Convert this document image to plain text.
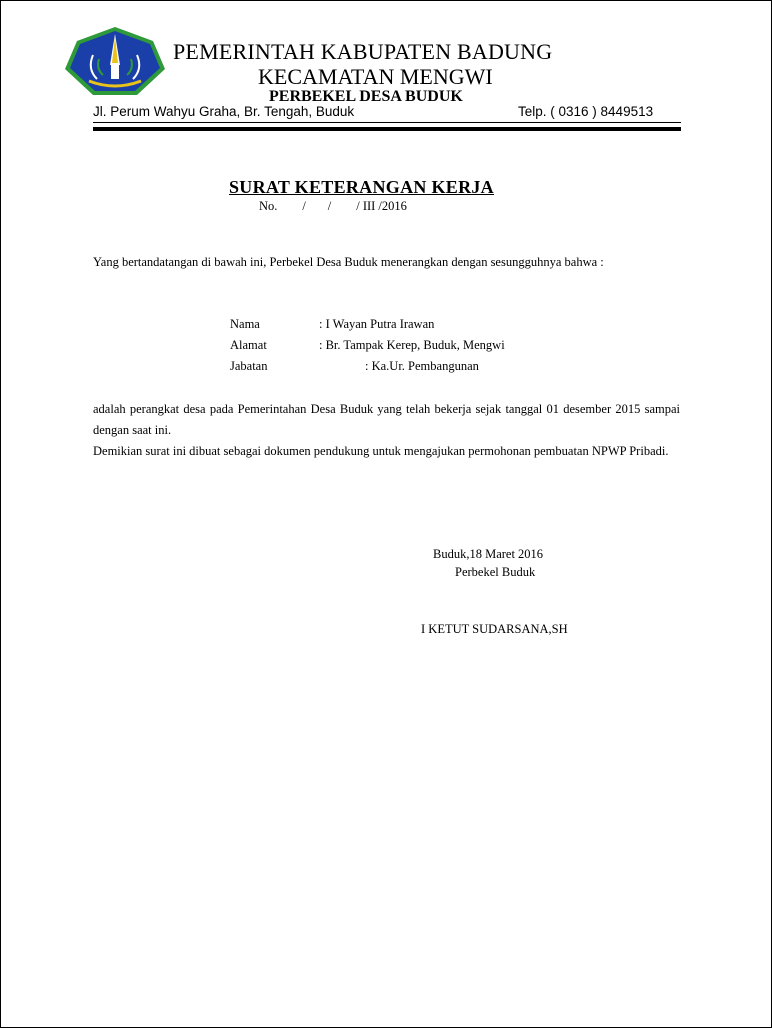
PEMERINTAH KABUPATEN BADUNG
KECAMATAN MENGWI
PERBEKEL DESA BUDUK
Jl. Perum Wahyu Graha, Br. Tengah, Buduk	Telp. ( 0316 ) 8449513
SURAT KETERANGAN KERJA
No.        /       /        / III /2016
Yang bertandatangan di bawah ini, Perbekel Desa Buduk menerangkan dengan sesungguhnya bahwa :
Nama	: I Wayan Putra Irawan
Alamat	: Br. Tampak Kerep, Buduk, Mengwi
Jabatan	: Ka.Ur. Pembangunan
adalah perangkat desa pada Pemerintahan Desa Buduk yang telah bekerja sejak tanggal 01 desember 2015 sampai dengan saat ini.
Demikian surat ini dibuat sebagai dokumen pendukung untuk mengajukan permohonan pembuatan NPWP Pribadi.
Buduk,18 Maret 2016
Perbekel Buduk
I KETUT SUDARSANA,SH
